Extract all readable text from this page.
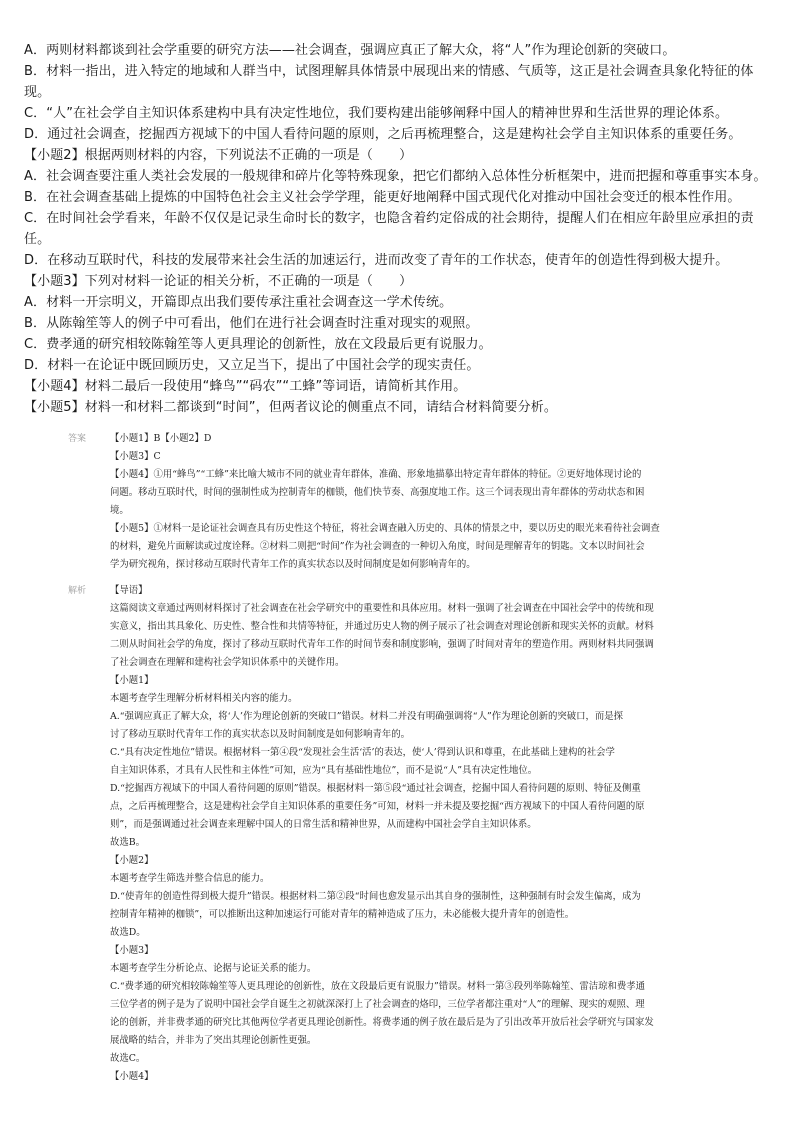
A．两则材料都谈到社会学重要的研究方法——社会调查，强调应真正了解大众，将“人”作为理论创新的突破口。

B．材料一指出，进入特定的地域和人群当中，试图理解具体情景中展现出来的情感、气质等，这正是社会调查具象化特征的体

现。

C．“人”在社会学自主知识体系建构中具有决定性地位，我们要构建出能够阐释中国人的精神世界和生活世界的理论体系。

D．通过社会调查，挖掘西方视域下的中国人看待问题的原则，之后再梳理整合，这是建构社会学自主知识体系的重要任务。

【小题2】根据两则材料的内容，下列说法不正确的一项是（　　）

A．社会调查要注重人类社会发展的一般规律和碎片化等特殊现象，把它们都纳入总体性分析框架中，进而把握和尊重事实本身。

B．在社会调查基础上提炼的中国特色社会主义社会学学理，能更好地阐释中国式现代化对推动中国社会变迁的根本性作用。

C．在时间社会学看来，年龄不仅仅是记录生命时长的数字，也隐含着约定俗成的社会期待，提醒人们在相应年龄里应承担的责

任。

D．在移动互联时代，科技的发展带来社会生活的加速运行，进而改变了青年的工作状态，使青年的创造性得到极大提升。

【小题3】下列对材料一论证的相关分析，不正确的一项是（　　）

A．材料一开宗明义，开篇即点出我们要传承注重社会调查这一学术传统。

B．从陈翰笙等人的例子中可看出，他们在进行社会调查时注重对现实的观照。

C．费孝通的研究相较陈翰笙等人更具理论的创新性，放在文段最后更有说服力。

D．材料一在论证中既回顾历史，又立足当下，提出了中国社会学的现实责任。

【小题4】材料二最后一段使用“蜂鸟”“码农”“工蜂”等词语，请简析其作用。

【小题5】材料一和材料二都谈到“时间”，但两者议论的侧重点不同，请结合材料简要分析。

答案	【小题1】B【小题2】D

【小题3】C

【小题4】①用“蜂鸟”“工蜂”来比喻大城市不同的就业青年群体，准确、形象地描摹出特定青年群体的特征。②更好地体现讨论的

问题。移动互联时代，时间的强制性成为控制青年的枷锁，他们快节奏、高强度地工作。这三个词表现出青年群体的劳动状态和困

境。

【小题5】①材料一是论证社会调查具有历史性这个特征，将社会调查融入历史的、具体的情景之中，要以历史的眼光来看待社会调查

的材料，避免片面解读或过度诠释。②材料二则把“时间”作为社会调查的一种切入角度，时间是理解青年的钥匙。文本以时间社会

学为研究视角，探讨移动互联时代青年工作的真实状态以及时间制度是如何影响青年的。

解析	【导语】

这篇阅读文章通过两则材料探讨了社会调查在社会学研究中的重要性和具体应用。材料一强调了社会调查在中国社会学中的传统和现

实意义，指出其具象化、历史性、整合性和共情等特征，并通过历史人物的例子展示了社会调查对理论创新和现实关怀的贡献。材料

二则从时间社会学的角度，探讨了移动互联时代青年工作的时间节奏和制度影响，强调了时间对青年的塑造作用。两则材料共同强调

了社会调查在理解和建构社会学知识体系中的关键作用。

【小题1】

本题考查学生理解分析材料相关内容的能力。

A.“强调应真正了解大众，将‘人’作为理论创新的突破口”错误。材料二并没有明确强调将“人”作为理论创新的突破口，而是探

讨了移动互联时代青年工作的真实状态以及时间制度是如何影响青年的。

C.“具有决定性地位”错误。根据材料一第④段“发现社会生活‘活’的表达，使‘人’得到认识和尊重，在此基础上建构的社会学

自主知识体系，才具有人民性和主体性”可知，应为“具有基础性地位”，而不是说“人”具有决定性地位。

D.“挖掘西方视域下的中国人看待问题的原则”错误。根据材料一第⑤段“通过社会调查，挖掘中国人看待问题的原则、特征及侧重

点，之后再梳理整合，这是建构社会学自主知识体系的重要任务”可知，材料一并未提及要挖掘“西方视域下的中国人看待问题的原

则”，而是强调通过社会调查来理解中国人的日常生活和精神世界，从而建构中国社会学自主知识体系。

故选B。

【小题2】

本题考查学生筛选并整合信息的能力。

D.“使青年的创造性得到极大提升”错误。根据材料二第②段“时间也愈发显示出其自身的强制性，这种强制有时会发生偏离，成为

控制青年精神的枷锁”，可以推断出这种加速运行可能对青年的精神造成了压力，未必能极大提升青年的创造性。

故选D。

【小题3】

本题考查学生分析论点、论据与论证关系的能力。

C.“费孝通的研究相较陈翰笙等人更具理论的创新性，放在文段最后更有说服力”错误。材料一第③段列举陈翰笙、雷洁琼和费孝通

三位学者的例子是为了说明中国社会学自诞生之初就深深打上了社会调查的烙印，三位学者都注重对“人”的理解、现实的观照、理

论的创新，并非费孝通的研究比其他两位学者更具理论创新性。将费孝通的例子放在最后是为了引出改革开放后社会学研究与国家发

展战略的结合，并非为了突出其理论创新性更强。

故选C。

【小题4】
